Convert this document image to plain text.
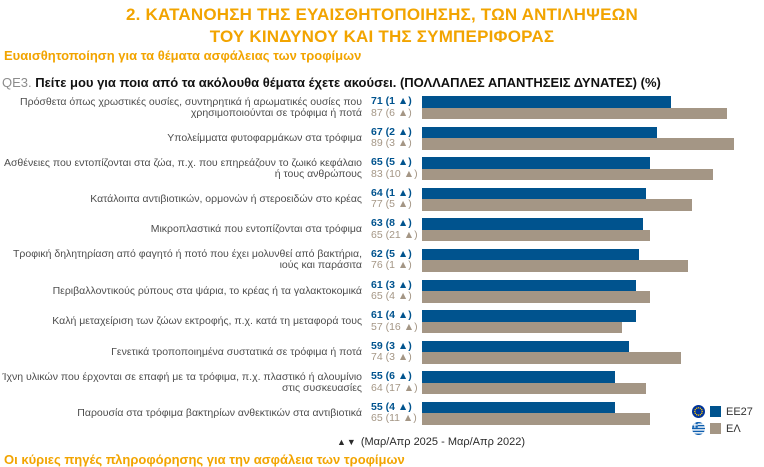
2. ΚΑΤΑΝΟΗΣΗ ΤΗΣ ΕΥΑΙΣΘΗΤΟΠΟΙΗΣΗΣ, ΤΩΝ ΑΝΤΙΛΗΨΕΩΝ
ΤΟΥ ΚΙΝΔΥΝΟΥ ΚΑΙ ΤΗΣ ΣΥΜΠΕΡΙΦΟΡΑΣ
Ευαισθητοποίηση για τα θέματα ασφάλειας των τροφίμων
QE3. Πείτε μου για ποια από τα ακόλουθα θέματα έχετε ακούσει. (ΠΟΛΛΑΠΛΕΣ ΑΠΑΝΤΗΣΕΙΣ ΔΥΝΑΤΕΣ) (%)
Πρόσθετα όπως χρωστικές ουσίες, συντηρητικά ή αρωματικές ουσίες που χρησιμοποιούνται σε τρόφιμα ή ποτά
71 (1 ▲)
87 (6 ▲)
Υπολείμματα φυτοφαρμάκων στα τρόφιμα 67 (2 ▲)
89 (3 ▲)
Ασθένειες που εντοπίζονται στα ζώα, π.χ. που επηρεάζουν το ζωικό κεφάλαιο ή τους ανθρώπους
65 (5 ▲)
83 (10 ▲)
Κατάλοιπα αντιβιοτικών, ορμονών ή στεροειδών στο κρέας 64 (1 ▲)
77 (5 ▲)
Μικροπλαστικά που εντοπίζονται στα τρόφιμα 63 (8 ▲)
65 (21 ▲)
Τροφική δηλητηρίαση από φαγητό ή ποτό που έχει μολυνθεί από βακτήρια, ιούς και παράσιτα
62 (5 ▲)
76 (1 ▲)
Περιβαλλοντικούς ρύπους στα ψάρια, το κρέας ή τα γαλακτοκομικά 61 (3 ▲)
65 (4 ▲)
Καλή μεταχείριση των ζώων εκτροφής, π.χ. κατά τη μεταφορά τους 61 (4 ▲)
57 (16 ▲)
Γενετικά τροποποιημένα συστατικά σε τρόφιμα ή ποτά 59 (3 ▲)
74 (3 ▲)
Ίχνη υλικών που έρχονται σε επαφή με τα τρόφιμα, π.χ. πλαστικό ή αλουμίνιο στις συσκευασίες
55 (6 ▲)
64 (17 ▲)
Παρουσία στα τρόφιμα βακτηρίων ανθεκτικών στα αντιβιοτικά 55 (4 ▲)
65 (11 ▲)
▲▼ (Μαρ/Απρ 2025 - Μαρ/Απρ 2022)
EE27
ΕΛ
Οι κύριες πηγές πληροφόρησης για την ασφάλεια των τροφίμων
